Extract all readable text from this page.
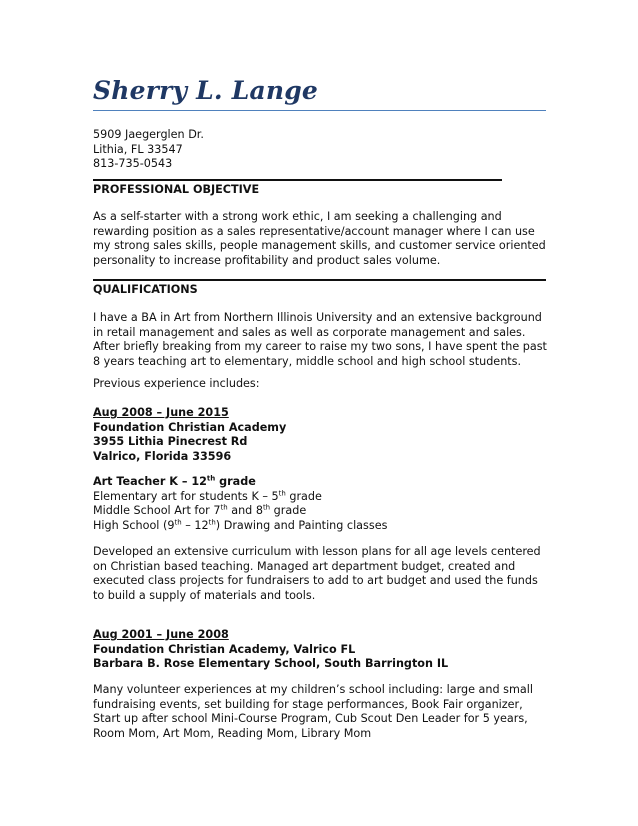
Sherry L. Lange
5909 Jaegerglen Dr.
Lithia, FL 33547
813-735-0543
PROFESSIONAL OBJECTIVE
As a self-starter with a strong work ethic, I am seeking a challenging and rewarding position as a sales representative/account manager where I can use my strong sales skills, people management skills, and customer service oriented personality to increase profitability and product sales volume.
QUALIFICATIONS
I have a BA in Art from Northern Illinois University and an extensive background in retail management and sales as well as corporate management and sales. After briefly breaking from my career to raise my two sons, I have spent the past 8 years teaching art to elementary, middle school and high school students.
Previous experience includes:
Aug 2008 – June 2015
Foundation Christian Academy
3955 Lithia Pinecrest Rd
Valrico, Florida 33596
Art Teacher K – 12th grade
Elementary art for students K – 5th grade
Middle School Art for 7th and 8th grade
High School (9th – 12th) Drawing and Painting classes
Developed an extensive curriculum with lesson plans for all age levels centered on Christian based teaching. Managed art department budget, created and executed class projects for fundraisers to add to art budget and used the funds to build a supply of materials and tools.
Aug 2001 – June 2008
Foundation Christian Academy, Valrico FL
Barbara B. Rose Elementary School, South Barrington IL
Many volunteer experiences at my children’s school including: large and small fundraising events, set building for stage performances, Book Fair organizer, Start up after school Mini-Course Program, Cub Scout Den Leader for 5 years, Room Mom, Art Mom, Reading Mom, Library Mom
